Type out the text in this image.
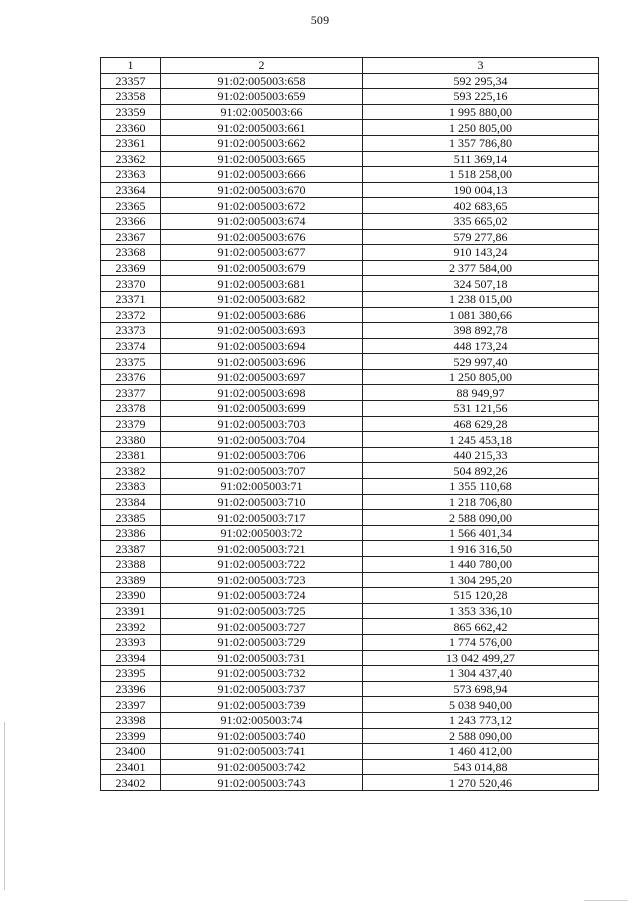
509
1	2	3
23357	91:02:005003:658	592 295,34
23358	91:02:005003:659	593 225,16
23359	91:02:005003:66	1 995 880,00
23360	91:02:005003:661	1 250 805,00
23361	91:02:005003:662	1 357 786,80
23362	91:02:005003:665	511 369,14
23363	91:02:005003:666	1 518 258,00
23364	91:02:005003:670	190 004,13
23365	91:02:005003:672	402 683,65
23366	91:02:005003:674	335 665,02
23367	91:02:005003:676	579 277,86
23368	91:02:005003:677	910 143,24
23369	91:02:005003:679	2 377 584,00
23370	91:02:005003:681	324 507,18
23371	91:02:005003:682	1 238 015,00
23372	91:02:005003:686	1 081 380,66
23373	91:02:005003:693	398 892,78
23374	91:02:005003:694	448 173,24
23375	91:02:005003:696	529 997,40
23376	91:02:005003:697	1 250 805,00
23377	91:02:005003:698	88 949,97
23378	91:02:005003:699	531 121,56
23379	91:02:005003:703	468 629,28
23380	91:02:005003:704	1 245 453,18
23381	91:02:005003:706	440 215,33
23382	91:02:005003:707	504 892,26
23383	91:02:005003:71	1 355 110,68
23384	91:02:005003:710	1 218 706,80
23385	91:02:005003:717	2 588 090,00
23386	91:02:005003:72	1 566 401,34
23387	91:02:005003:721	1 916 316,50
23388	91:02:005003:722	1 440 780,00
23389	91:02:005003:723	1 304 295,20
23390	91:02:005003:724	515 120,28
23391	91:02:005003:725	1 353 336,10
23392	91:02:005003:727	865 662,42
23393	91:02:005003:729	1 774 576,00
23394	91:02:005003:731	13 042 499,27
23395	91:02:005003:732	1 304 437,40
23396	91:02:005003:737	573 698,94
23397	91:02:005003:739	5 038 940,00
23398	91:02:005003:74	1 243 773,12
23399	91:02:005003:740	2 588 090,00
23400	91:02:005003:741	1 460 412,00
23401	91:02:005003:742	543 014,88
23402	91:02:005003:743	1 270 520,46
